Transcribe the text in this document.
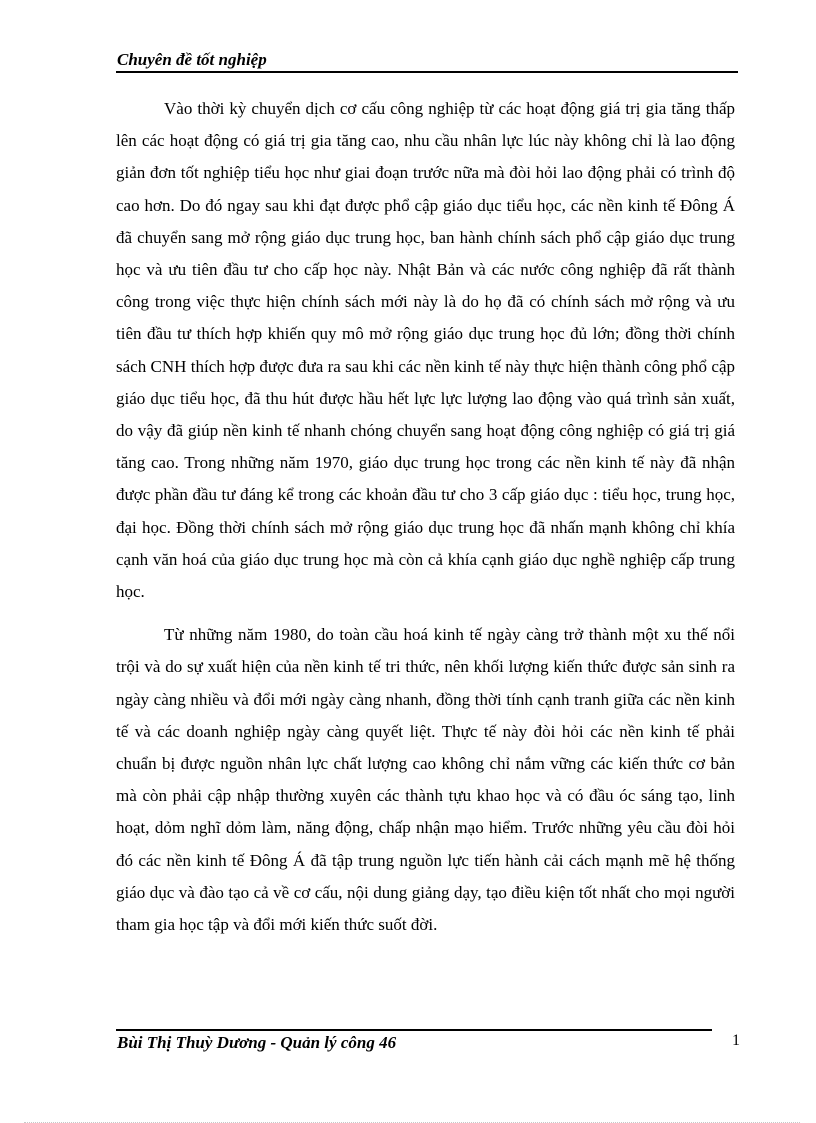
Chuyên đề tốt nghiệp

Vào thời kỳ chuyển dịch cơ cấu công nghiệp từ các hoạt động giá trị gia tăng thấp lên các hoạt động có giá trị gia tăng cao, nhu cầu nhân lực lúc này không chỉ là lao động giản đơn tốt nghiệp tiểu học như giai đoạn trước nữa mà đòi hỏi lao động phải có trình độ cao hơn. Do đó ngay sau khi đạt được phổ cập giáo dục tiểu học, các nền kinh tế Đông Á đã chuyển sang mở rộng giáo dục trung học, ban hành chính sách phổ cập giáo dục trung học và ưu tiên đầu tư cho cấp học này. Nhật Bản và các nước công nghiệp đã rất thành công trong việc thực hiện chính sách mới này là do họ đã có chính sách mở rộng và ưu tiên đầu tư thích hợp khiến quy mô mở rộng giáo dục trung học đủ lớn; đồng thời chính sách CNH thích hợp được đưa ra sau khi các nền kinh tế này thực hiện thành công phổ cập giáo dục tiểu học, đã thu hút được hầu hết lực lực lượng lao động vào quá trình sản xuất, do vậy đã giúp nền kinh tế nhanh chóng chuyển sang hoạt động công nghiệp có giá trị giá tăng cao. Trong những năm 1970, giáo dục trung học trong các nền kinh tế này đã nhận được phần đầu tư đáng kể trong các khoản đầu tư cho 3 cấp giáo dục : tiểu học, trung học, đại học. Đồng thời chính sách mở rộng giáo dục trung học đã nhấn mạnh không chỉ khía cạnh văn hoá của giáo dục trung học mà còn cả khía cạnh giáo dục nghề nghiệp cấp trung học.

Từ những năm 1980, do toàn cầu hoá kinh tế ngày càng trở thành một xu thế nổi trội và do sự xuất hiện của nền kinh tế tri thức, nên khối lượng kiến thức được sản sinh ra ngày càng nhiều và đổi mới ngày càng nhanh, đồng thời tính cạnh tranh giữa các nền kinh tế và các doanh nghiệp ngày càng quyết liệt. Thực tế này đòi hỏi các nền kinh tế phải chuẩn bị được nguồn nhân lực chất lượng cao không chỉ nắm vững các kiến thức cơ bản mà còn phải cập nhập thường xuyên các thành tựu khao học và có đầu óc sáng tạo, linh hoạt, dỏm nghĩ dỏm làm, năng động, chấp nhận mạo hiểm. Trước những yêu cầu đòi hỏi đó các nền kinh tế Đông Á đã tập trung nguồn lực tiến hành cải cách mạnh mẽ hệ thống giáo dục và đào tạo cả về cơ cấu, nội dung giảng dạy, tạo điều kiện tốt nhất cho mọi người tham gia học tập và đổi mới kiến thức suốt đời.

Bùi Thị Thuỳ Dương - Quản lý công 46	1
